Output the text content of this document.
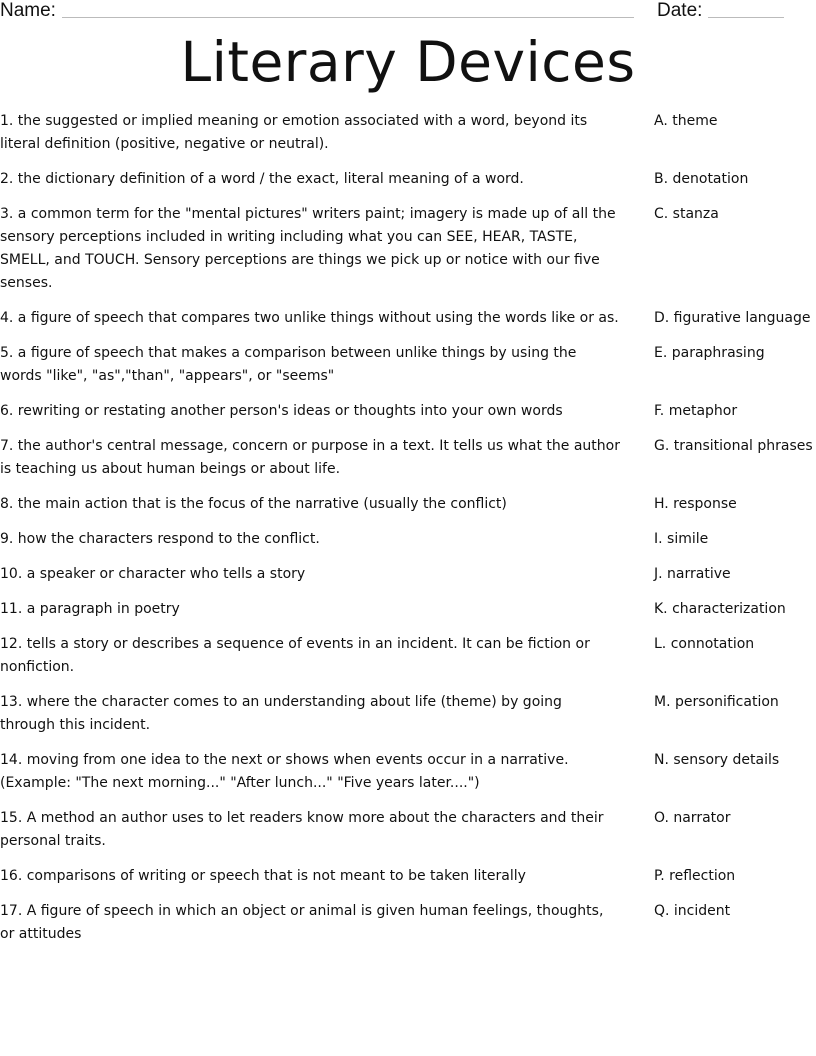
Name:	Date:
Literary Devices
1. the suggested or implied meaning or emotion associated with a word, beyond its literal definition (positive, negative or neutral).
A. theme
2. the dictionary definition of a word / the exact, literal meaning of a word.	B. denotation
3. a common term for the "mental pictures" writers paint; imagery is made up of all the sensory perceptions included in writing including what you can SEE, HEAR, TASTE, SMELL, and TOUCH. Sensory perceptions are things we pick up or notice with our five senses.
C. stanza
4. a figure of speech that compares two unlike things without using the words like or as.	D. figurative language
5. a figure of speech that makes a comparison between unlike things by using the words "like", "as","than", "appears", or "seems"
E. paraphrasing
6. rewriting or restating another person's ideas or thoughts into your own words	F. metaphor
7. the author's central message, concern or purpose in a text. It tells us what the author is teaching us about human beings or about life.
G. transitional phrases
8. the main action that is the focus of the narrative (usually the conflict)	H. response
9. how the characters respond to the conflict.	I. simile
10. a speaker or character who tells a story	J. narrative
11. a paragraph in poetry	K. characterization
12. tells a story or describes a sequence of events in an incident. It can be fiction or nonfiction.
L. connotation
13. where the character comes to an understanding about life (theme) by going through this incident.
M. personification
14. moving from one idea to the next or shows when events occur in a narrative. (Example: "The next morning..." "After lunch..." "Five years later....")
N. sensory details
15. A method an author uses to let readers know more about the characters and their personal traits.
O. narrator
16. comparisons of writing or speech that is not meant to be taken literally	P. reflection
17. A figure of speech in which an object or animal is given human feelings, thoughts, or attitudes
Q. incident
